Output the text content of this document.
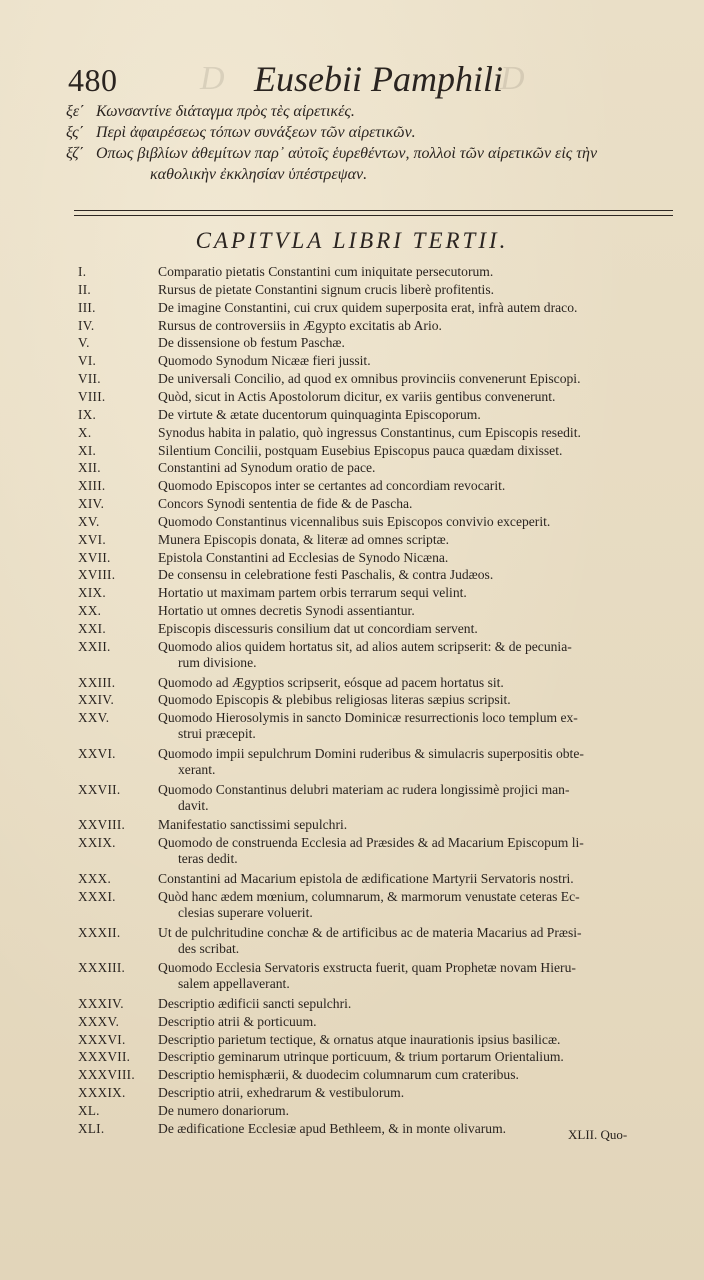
D	D
480	Eusebii Pamphili
ξε΄ Κωνσαντίνε διάταγμα πρὸς τὲς αἱρετικές.
ξς΄ Περὶ ἀφαιρέσεως τόπων συνάξεων τῶν αἱρετικῶν.
ξζ΄ Οπως βιβλίων ἀθεμίτων παρ᾽ αὐτοῖς ἑυρεθέντων, πολλοὶ τῶν αἱρετικῶν εἰς τὴν
καθολικὴν ἐκκλησίαν ὑπέστρεψαν.
CAPITVLA LIBRI TERTII.
I.	Comparatio pietatis Constantini cum iniquitate persecutorum.
II.	Rursus de pietate Constantini signum crucis liberè profitentis.
III.	De imagine Constantini, cui crux quidem superposita erat, infrà autem draco.
IV.	Rursus de controversiis in Ægypto excitatis ab Ario.
V.	De dissensione ob festum Paschæ.
VI.	Quomodo Synodum Nicææ fieri jussit.
VII.	De universali Concilio, ad quod ex omnibus provinciis convenerunt Episcopi.
VIII.	Quòd, sicut in Actis Apostolorum dicitur, ex variis gentibus convenerunt.
IX.	De virtute & ætate ducentorum quinquaginta Episcoporum.
X.	Synodus habita in palatio, quò ingressus Constantinus, cum Episcopis resedit.
XI.	Silentium Concilii, postquam Eusebius Episcopus pauca quædam dixisset.
XII.	Constantini ad Synodum oratio de pace.
XIII.	Quomodo Episcopos inter se certantes ad concordiam revocarit.
XIV.	Concors Synodi sententia de fide & de Pascha.
XV.	Quomodo Constantinus vicennalibus suis Episcopos convivio exceperit.
XVI.	Munera Episcopis donata, & literæ ad omnes scriptæ.
XVII.	Epistola Constantini ad Ecclesias de Synodo Nicæna.
XVIII.	De consensu in celebratione festi Paschalis, & contra Judæos.
XIX.	Hortatio ut maximam partem orbis terrarum sequi velint.
XX.	Hortatio ut omnes decretis Synodi assentiantur.
XXI.	Episcopis discessuris consilium dat ut concordiam servent.
XXII.	Quomodo alios quidem hortatus sit, ad alios autem scripserit: & de pecunia-
rum divisione.
XXIII.	Quomodo ad Ægyptios scripserit, eósque ad pacem hortatus sit.
XXIV.	Quomodo Episcopis & plebibus religiosas literas sæpius scripsit.
XXV.	Quomodo Hierosolymis in sancto Dominicæ resurrectionis loco templum ex-
strui præcepit.
XXVI.	Quomodo impii sepulchrum Domini ruderibus & simulacris superpositis obte-
xerant.
XXVII.	Quomodo Constantinus delubri materiam ac rudera longissimè projici man-
davit.
XXVIII.	Manifestatio sanctissimi sepulchri.
XXIX.	Quomodo de construenda Ecclesia ad Præsides & ad Macarium Episcopum li-
teras dedit.
XXX.	Constantini ad Macarium epistola de ædificatione Martyrii Servatoris nostri.
XXXI.	Quòd hanc ædem mœnium, columnarum, & marmorum venustate ceteras Ec-
clesias superare voluerit.
XXXII.	Ut de pulchritudine conchæ & de artificibus ac de materia Macarius ad Præsi-
des scribat.
XXXIII.	Quomodo Ecclesia Servatoris exstructa fuerit, quam Prophetæ novam Hieru-
salem appellaverant.
XXXIV.	Descriptio ædificii sancti sepulchri.
XXXV.	Descriptio atrii & porticuum.
XXXVI.	Descriptio parietum tectique, & ornatus atque inaurationis ipsius basilicæ.
XXXVII.	Descriptio geminarum utrinque porticuum, & trium portarum Orientalium.
XXXVIII.	Descriptio hemisphærii, & duodecim columnarum cum crateribus.
XXXIX.	Descriptio atrii, exhedrarum & vestibulorum.
XL.	De numero donariorum.
XLI.	De ædificatione Ecclesiæ apud Bethleem, & in monte olivarum.	XLII. Quo-
